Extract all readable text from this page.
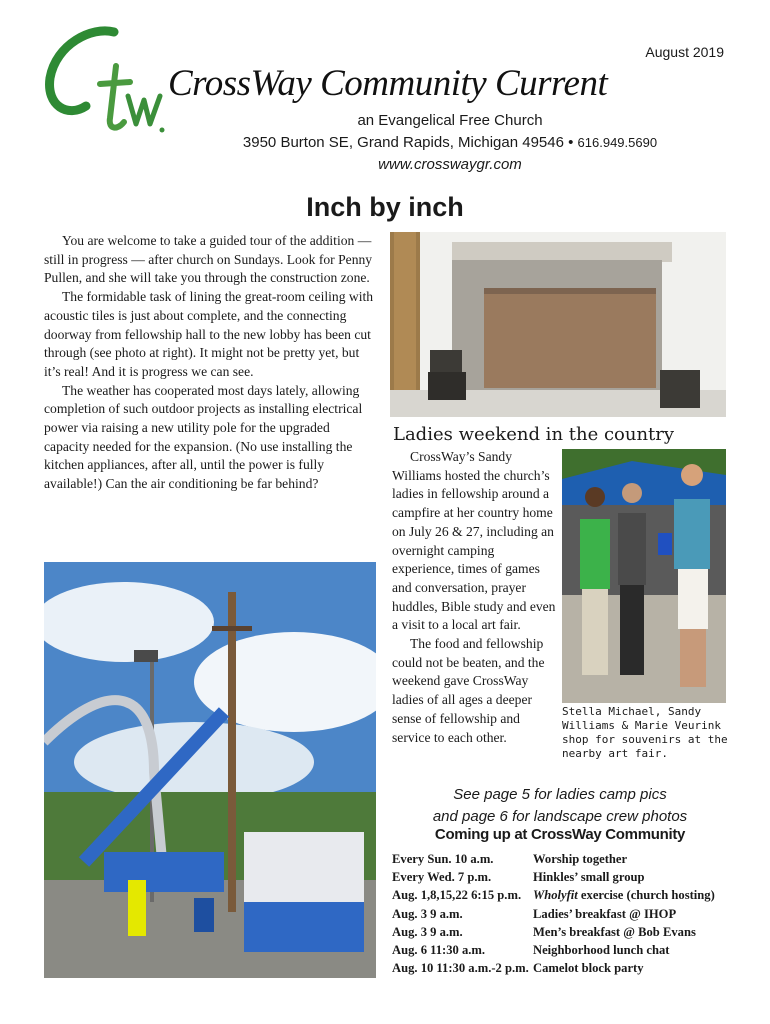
August 2019
CrossWay Community Current
an Evangelical Free Church
3950 Burton SE, Grand Rapids, Michigan 49546 • 616.949.5690
www.crosswaygr.com
Inch by inch

You are welcome to take a guided tour of the addition — still in progress — after church on Sundays. Look for Penny Pullen, and she will take you through the construction zone.

The formidable task of lining the great-room ceiling with acoustic tiles is just about complete, and the connecting doorway from fellowship hall to the new lobby has been cut through (see photo at right). It might not be pretty yet, but it’s real! And it is progress we can see.

The weather has cooperated most days lately, allowing completion of such outdoor projects as installing electrical power via raising a new utility pole for the upgraded capacity needed for the expansion. (No use installing the kitchen appliances, after all, until the power is fully available!) Can the air conditioning be far behind?

Ladies weekend in the country

CrossWay’s Sandy Williams hosted the church’s ladies in fellowship around a campfire at her country home on July 26 & 27, including an overnight camping experience, times of games and conversation, prayer huddles, Bible study and even a visit to a local art fair.

The food and fellowship could not be beaten, and the weekend gave CrossWay ladies of all ages a deeper sense of fellowship and service to each other.

Stella Michael, Sandy Williams & Marie Veurink shop for souvenirs at the nearby art fair.
See page 5 for ladies camp pics
and page 6 for landscape crew photos
Coming up at CrossWay Community
Every Sun. 10 a.m.	Worship together
Every Wed. 7 p.m.	Hinkles’ small group
Aug. 1,8,15,22 6:15 p.m. Wholyfit exercise (church hosting)
Aug. 3 9 a.m.	Ladies’ breakfast @ IHOP
Aug. 3 9 a.m.	Men’s breakfast @ Bob Evans
Aug. 6 11:30 a.m.	Neighborhood lunch chat
Aug. 10 11:30 a.m.-2 p.m. Camelot block party
